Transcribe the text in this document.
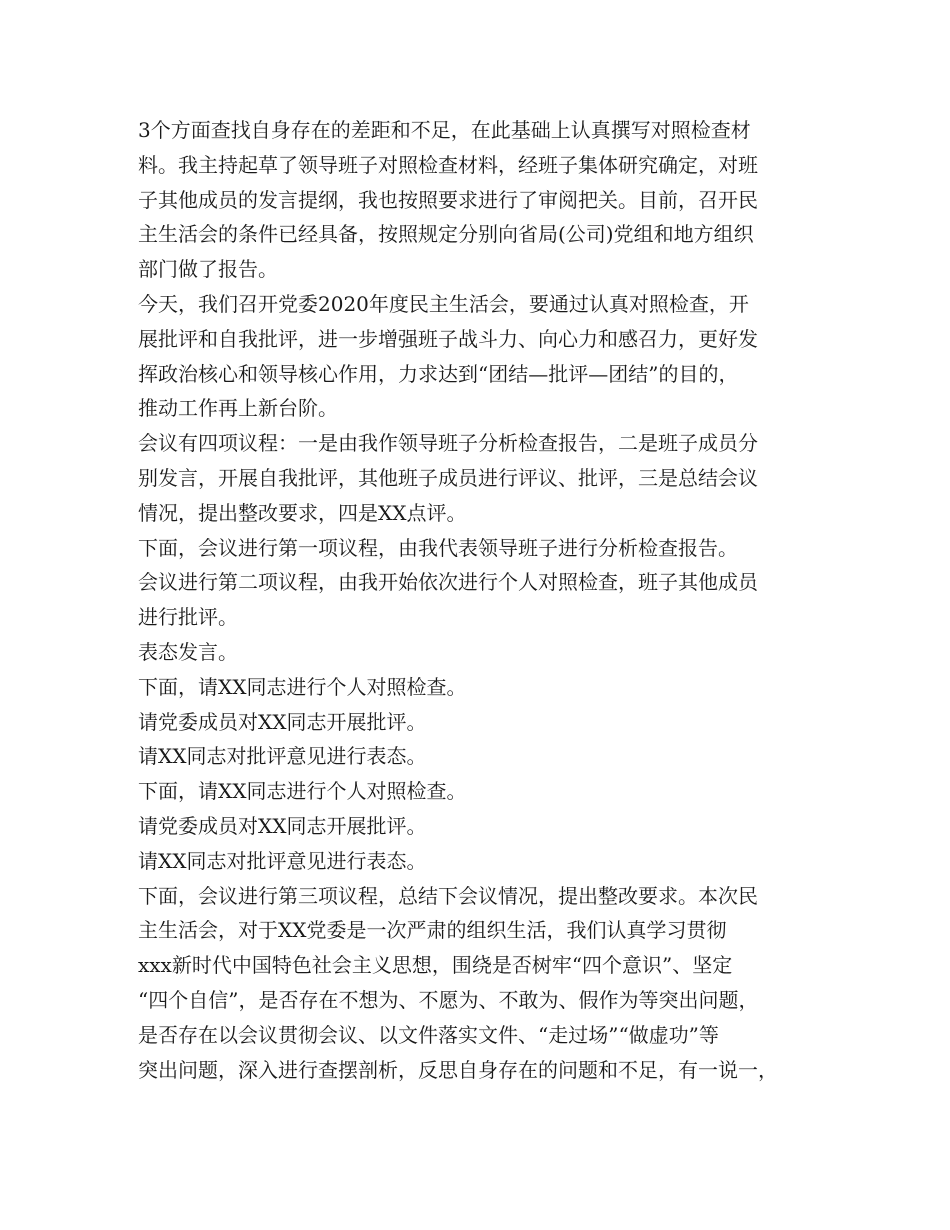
3个方面查找自身存在的差距和不足，在此基础上认真撰写对照检查材
料。我主持起草了领导班子对照检查材料，经班子集体研究确定，对班
子其他成员的发言提纲，我也按照要求进行了审阅把关。目前，召开民
主生活会的条件已经具备，按照规定分别向省局(公司)党组和地方组织
部门做了报告。
今天，我们召开党委2020年度民主生活会，要通过认真对照检查，开
展批评和自我批评，进一步增强班子战斗力、向心力和感召力，更好发
挥政治核心和领导核心作用，力求达到“团结—批评—团结”的目的，
推动工作再上新台阶。
会议有四项议程：一是由我作领导班子分析检查报告，二是班子成员分
别发言，开展自我批评，其他班子成员进行评议、批评，三是总结会议
情况，提出整改要求，四是XX点评。
下面，会议进行第一项议程，由我代表领导班子进行分析检查报告。
会议进行第二项议程，由我开始依次进行个人对照检查，班子其他成员
进行批评。
表态发言。
下面，请XX同志进行个人对照检查。
请党委成员对XX同志开展批评。
请XX同志对批评意见进行表态。
下面，请XX同志进行个人对照检查。
请党委成员对XX同志开展批评。
请XX同志对批评意见进行表态。
下面，会议进行第三项议程，总结下会议情况，提出整改要求。本次民
主生活会，对于XX党委是一次严肃的组织生活，我们认真学习贯彻
xxx新时代中国特色社会主义思想，围绕是否树牢“四个意识”、坚定
“四个自信”，是否存在不想为、不愿为、不敢为、假作为等突出问题，
是否存在以会议贯彻会议、以文件落实文件、“走过场”“做虚功”等
突出问题，深入进行查摆剖析，反思自身存在的问题和不足，有一说一，
